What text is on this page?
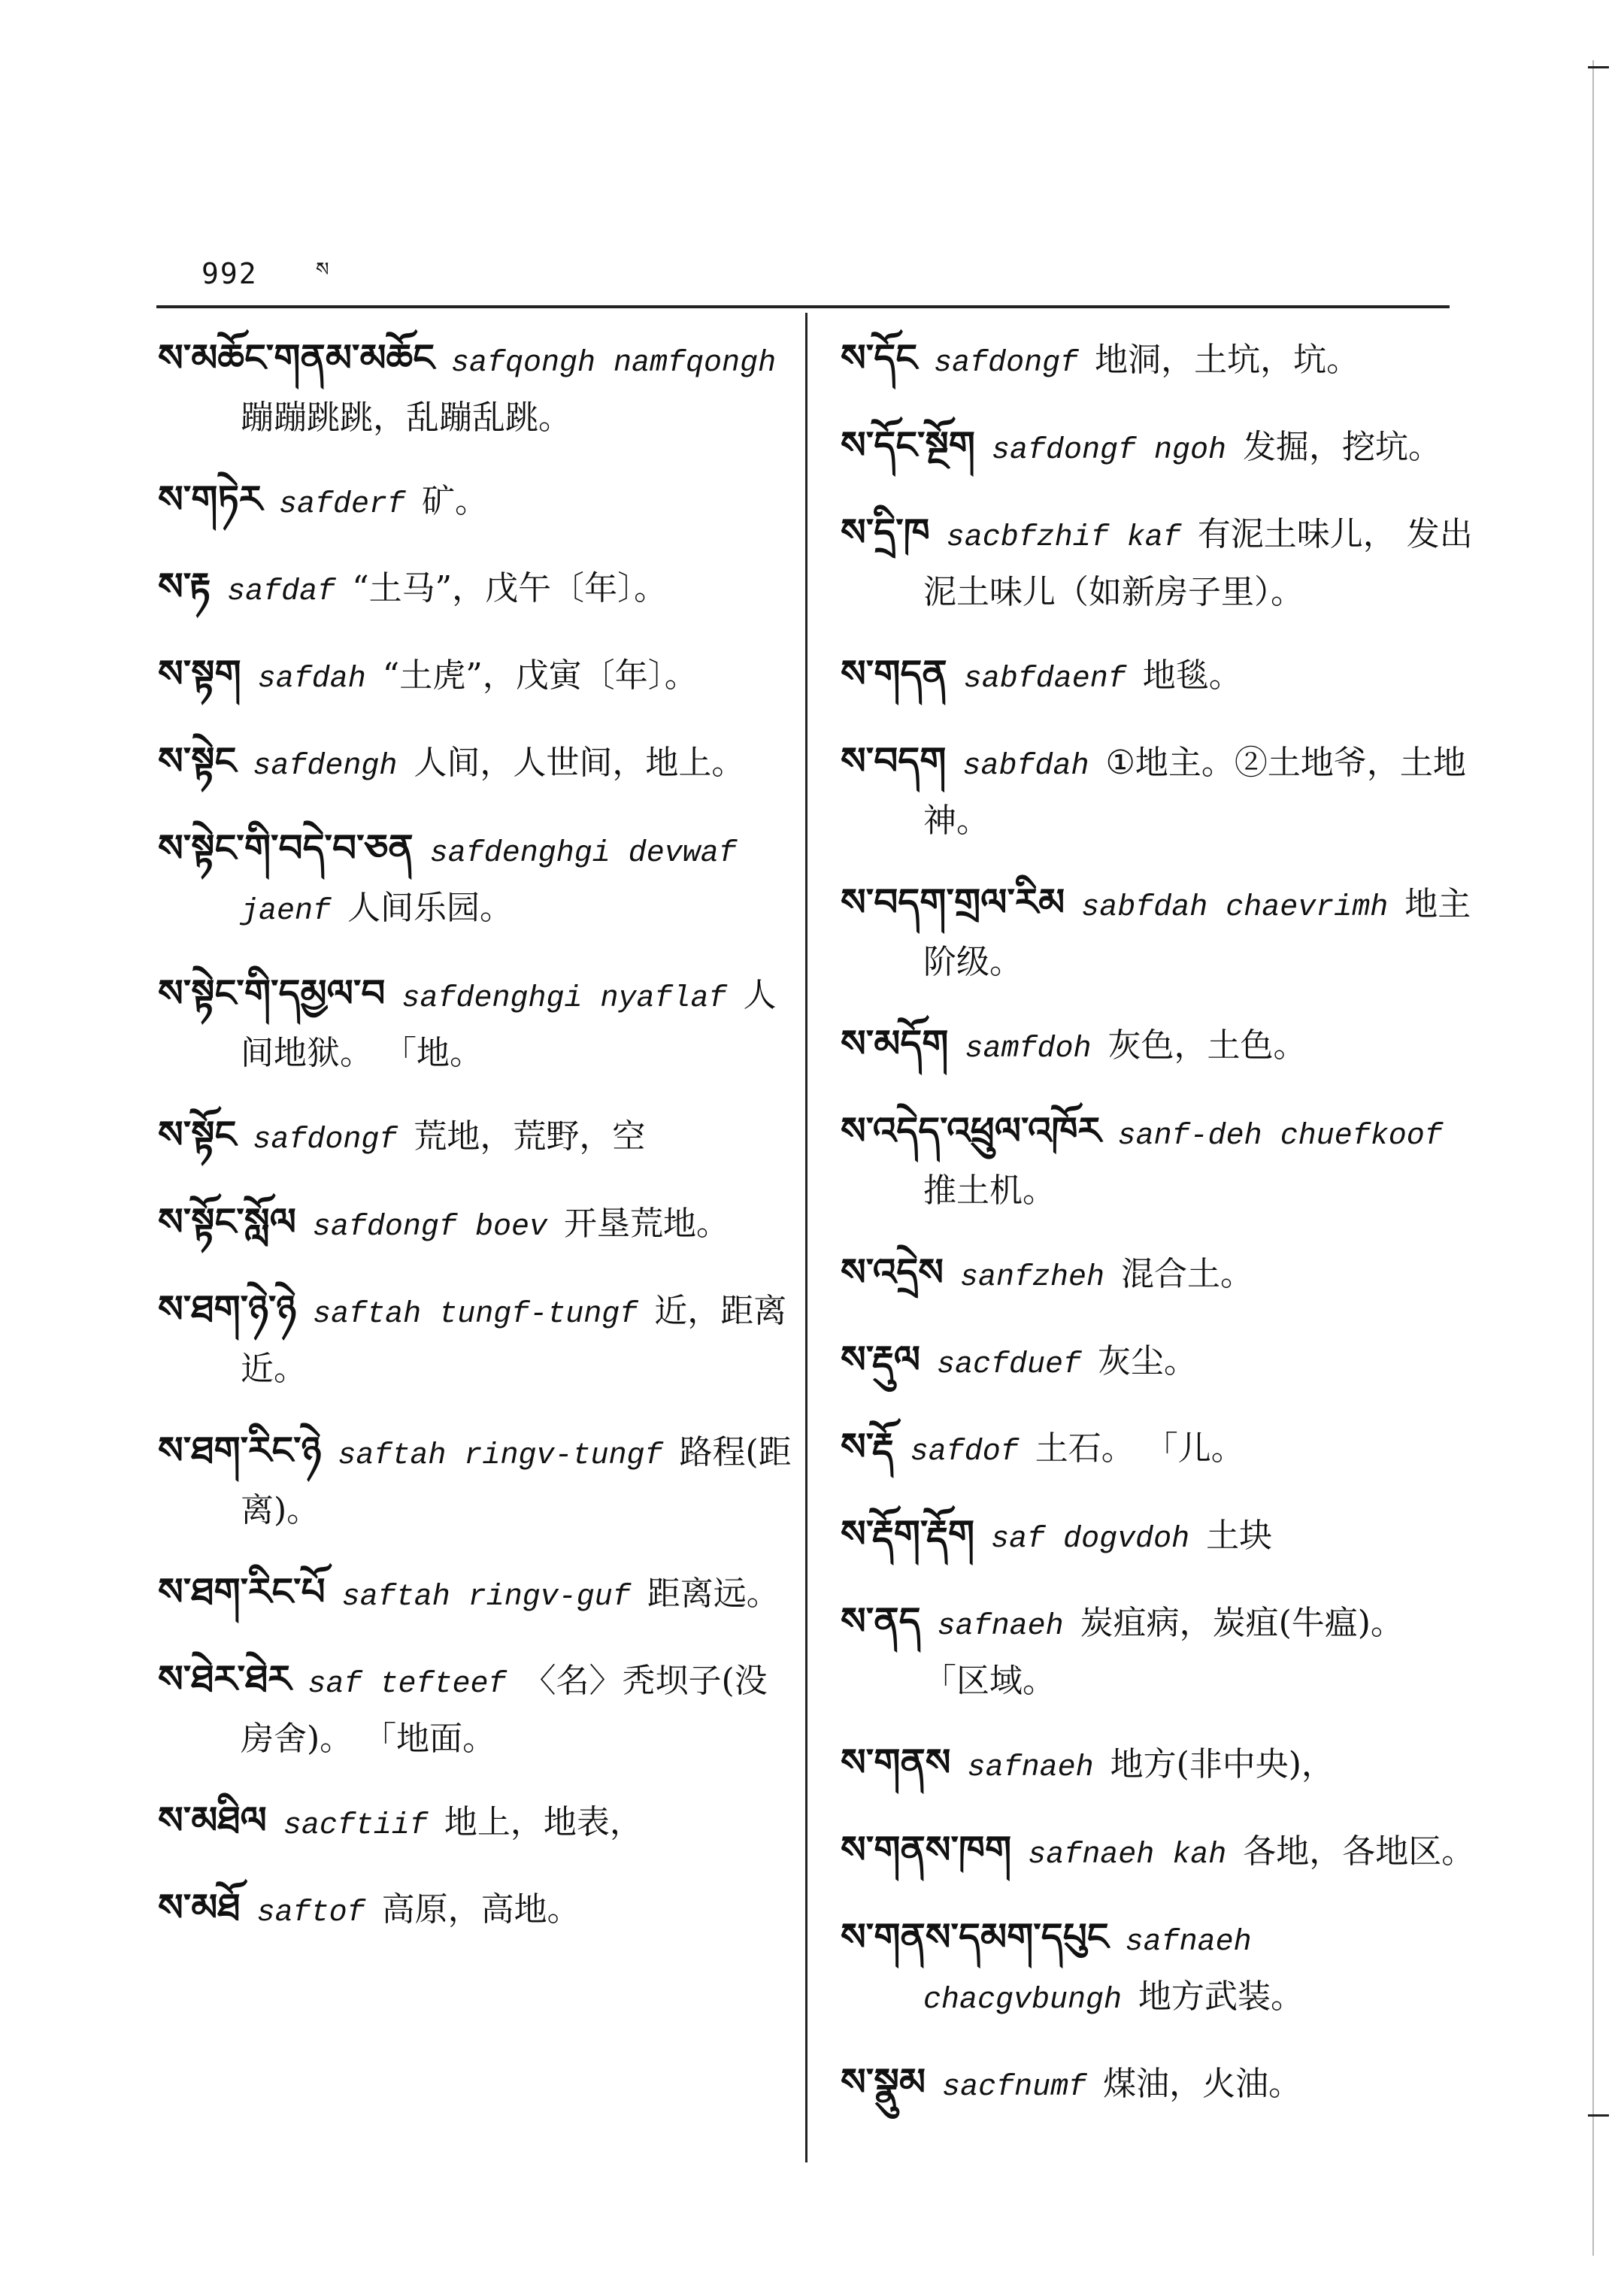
992	ས

ས་མཆོང་གནམ་མཆོང safqongh namfqongh蹦蹦跳跳，乱蹦乱跳。

ས་གཏེར safderf 矿。

ས་རྟ safdaf “土马”，戊午〔年〕。

ས་སྟག safdah “土虎”，戊寅〔年〕。

ས་སྟེང safdengh 人间，人世间，地上。

ས་སྟེང་གི་བདེ་བ་ཅན safdenghgi devwaf jaenf 人间乐园。

ས་སྟེང་གི་དམྱལ་བ safdenghgi nyaflaf 人间地狱。 「地。

ས་སྟོང safdongf 荒地，荒野，空

ས་སྟོང་སློལ safdongf boev 开垦荒地。

ས་ཐག་ཉེ་ཉེ saftah tungf-tungf 近，距离近。

ས་ཐག་རིང་ཉེ saftah ringv-tungf 路程(距离)。

ས་ཐག་རིང་པོ saftah ringv-guf 距离远。

ས་ཐེར་ཐེར saf tefteef 〈名〉秃坝子(没房舍)。 「地面。

ས་མཐིལ sacftiif 地上，地表，

ས་མཐོ saftof 高原，高地。

ས་དོང safdongf 地洞，土坑，坑。

ས་དོང་སྔོག safdongf ngoh 发掘，挖坑。

ས་དྲི་ཁ sacbfzhif kaf 有泥土味儿， 发出泥土味儿（如新房子里）。

ས་གདན sabfdaenf 地毯。

ས་བདག sabfdah ①地主。②土地爷，土地神。

ས་བདག་གྲལ་རིམ sabfdah chaevrimh 地主阶级。

ས་མདོག samfdoh 灰色，土色。

ས་འདེད་འཕྲུལ་འཁོར sanf-deh chuefkoof推土机。

ས་འདྲེས sanfzheh 混合土。

ས་རྡུལ sacfduef 灰尘。

ས་རྡོ safdof 土石。 「儿。

ས་རྡོག་རྡོག saf dogvdoh 土块

ས་ནད safnaeh 炭疽病，炭疽(牛瘟)。 「区域。

ས་གནས safnaeh 地方(非中央)，

ས་གནས་ཁག safnaeh kah 各地，各地区。

ས་གནས་དམག་དཔུང safnaeh chacgvbungh 地方武装。

ས་སྣུམ sacfnumf 煤油，火油。
